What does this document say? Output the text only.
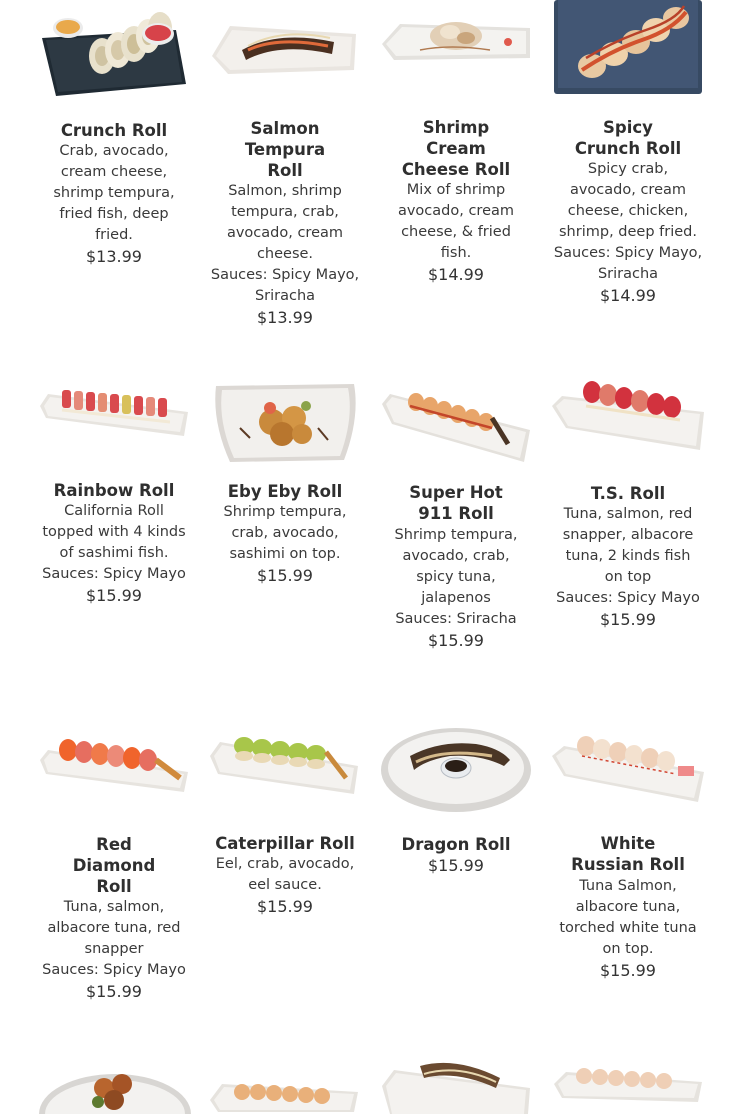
Crunch Roll
Crab, avocado,
cream cheese,
shrimp tempura,
fried fish, deep
fried.
$13.99
Salmon Tempura Roll
Salmon, shrimp
tempura, crab,
avocado, cream
cheese.
Sauces: Spicy Mayo,
Sriracha
$13.99
Shrimp Cream Cheese Roll
Mix of shrimp
avocado, cream
cheese, & fried
fish.
$14.99
Spicy Crunch Roll
Spicy crab,
avocado, cream
cheese, chicken,
shrimp, deep fried.
Sauces: Spicy Mayo,
Sriracha
$14.99
Rainbow Roll
California Roll
topped with 4 kinds
of sashimi fish.
Sauces: Spicy Mayo
$15.99
Eby Eby Roll
Shrimp tempura,
crab, avocado,
sashimi on top.
$15.99
Super Hot 911 Roll
Shrimp tempura,
avocado, crab,
spicy tuna,
jalapenos
Sauces: Sriracha
$15.99
T.S. Roll
Tuna, salmon, red
snapper, albacore
tuna, 2 kinds fish
on top
Sauces: Spicy Mayo
$15.99
Red Diamond Roll
Tuna, salmon,
albacore tuna, red
snapper
Sauces: Spicy Mayo
$15.99
Caterpillar Roll
Eel, crab, avocado,
eel sauce.
$15.99
Dragon Roll
$15.99
White Russian Roll
Tuna Salmon,
albacore tuna,
torched white tuna
on top.
$15.99
